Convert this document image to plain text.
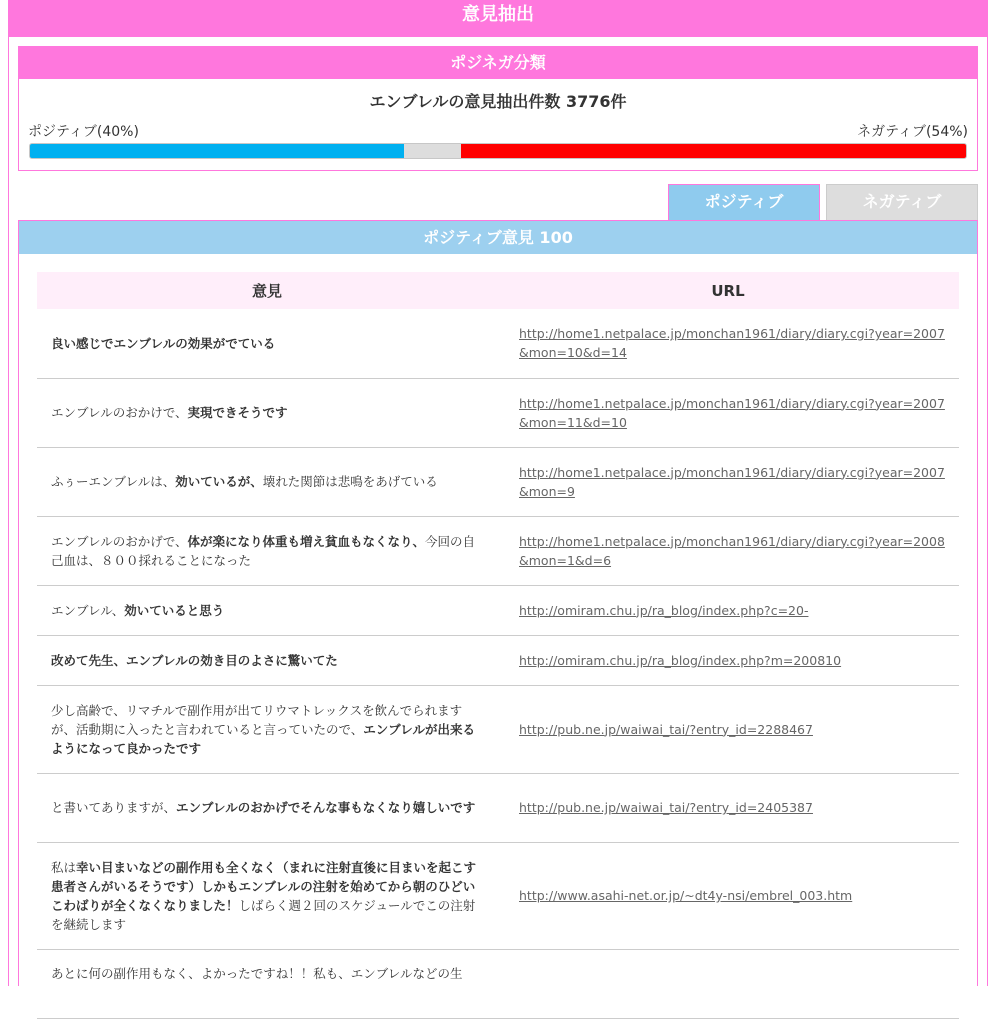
意見抽出
ポジネガ分類
エンブレルの意見抽出件数 3776件
ポジティブ(40%)	ネガティブ(54%)
ポジティブ	ネガティブ
ポジティブ意見 100
意見	URL
良い感じでエンブレルの効果がでている	http://home1.netpalace.jp/monchan1961/diary/diary.cgi?year=2007&mon=10&d=14
エンブレルのおかけで、実現できそうです	http://home1.netpalace.jp/monchan1961/diary/diary.cgi?year=2007&mon=11&d=10
ふぅーエンブレルは、効いているが、壊れた関節は悲鳴をあげている	http://home1.netpalace.jp/monchan1961/diary/diary.cgi?year=2007&mon=9
エンブレルのおかげで、体が楽になり体重も増え貧血もなくなり、今回の自己血は、８００採れることになった	http://home1.netpalace.jp/monchan1961/diary/diary.cgi?year=2008&mon=1&d=6
エンブレル、効いていると思う	http://omiram.chu.jp/ra_blog/index.php?c=20-
改めて先生、エンブレルの効き目のよさに驚いてた	http://omiram.chu.jp/ra_blog/index.php?m=200810
少し高齢で、リマチルで副作用が出てリウマトレックスを飲んでられますが、活動期に入ったと言われていると言っていたので、エンブレルが出来るようになって良かったです	http://pub.ne.jp/waiwai_tai/?entry_id=2288467
と書いてありますが、エンブレルのおかげでそんな事もなくなり嬉しいです	http://pub.ne.jp/waiwai_tai/?entry_id=2405387
私は幸い目まいなどの副作用も全くなく（まれに注射直後に目まいを起こす患者さんがいるそうです）しかもエンブレルの注射を始めてから朝のひどいこわばりが全くなくなりました！しばらく週２回のスケジュールでこの注射を継続します	http://www.asahi-net.or.jp/~dt4y-nsi/embrel_003.htm
あとに何の副作用もなく、よかったですね！！私も、エンブレルなどの生	
